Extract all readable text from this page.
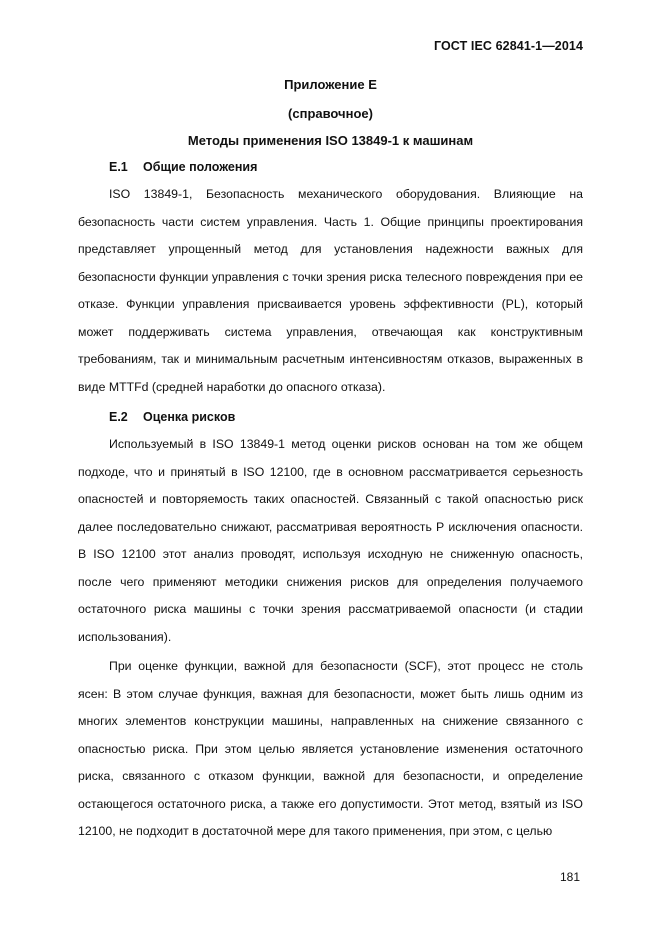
ГОСТ IEC 62841-1—2014
Приложение Е
(справочное)
Методы применения ISO 13849-1 к машинам
Е.1 Общие положения
ISO 13849-1, Безопасность механического оборудования. Влияющие на безопасность части систем управления. Часть 1. Общие принципы проектирования представляет упрощенный метод для установления надежности важных для безопасности функции управления с точки зрения риска телесного повреждения при ее отказе. Функции управления присваивается уровень эффективности (PL), который может поддерживать система управления, отвечающая как конструктивным требованиям, так и минимальным расчетным интенсивностям отказов, выраженных в виде MTTFd (средней наработки до опасного отказа).
Е.2 Оценка рисков
Используемый в ISO 13849-1 метод оценки рисков основан на том же общем подходе, что и принятый в ISO 12100, где в основном рассматривается серьезность опасностей и повторяемость таких опасностей. Связанный с такой опасностью риск далее последовательно снижают, рассматривая вероятность Р исключения опасности. В ISO 12100 этот анализ проводят, используя исходную не сниженную опасность, после чего применяют методики снижения рисков для определения получаемого остаточного риска машины с точки зрения рассматриваемой опасности (и стадии использования).
При оценке функции, важной для безопасности (SCF), этот процесс не столь ясен: В этом случае функция, важная для безопасности, может быть лишь одним из многих элементов конструкции машины, направленных на снижение связанного с опасностью риска. При этом целью является установление изменения остаточного риска, связанного с отказом функции, важной для безопасности, и определение остающегося остаточного риска, а также его допустимости. Этот метод, взятый из ISO 12100, не подходит в достаточной мере для такого применения, при этом, с целью
181
